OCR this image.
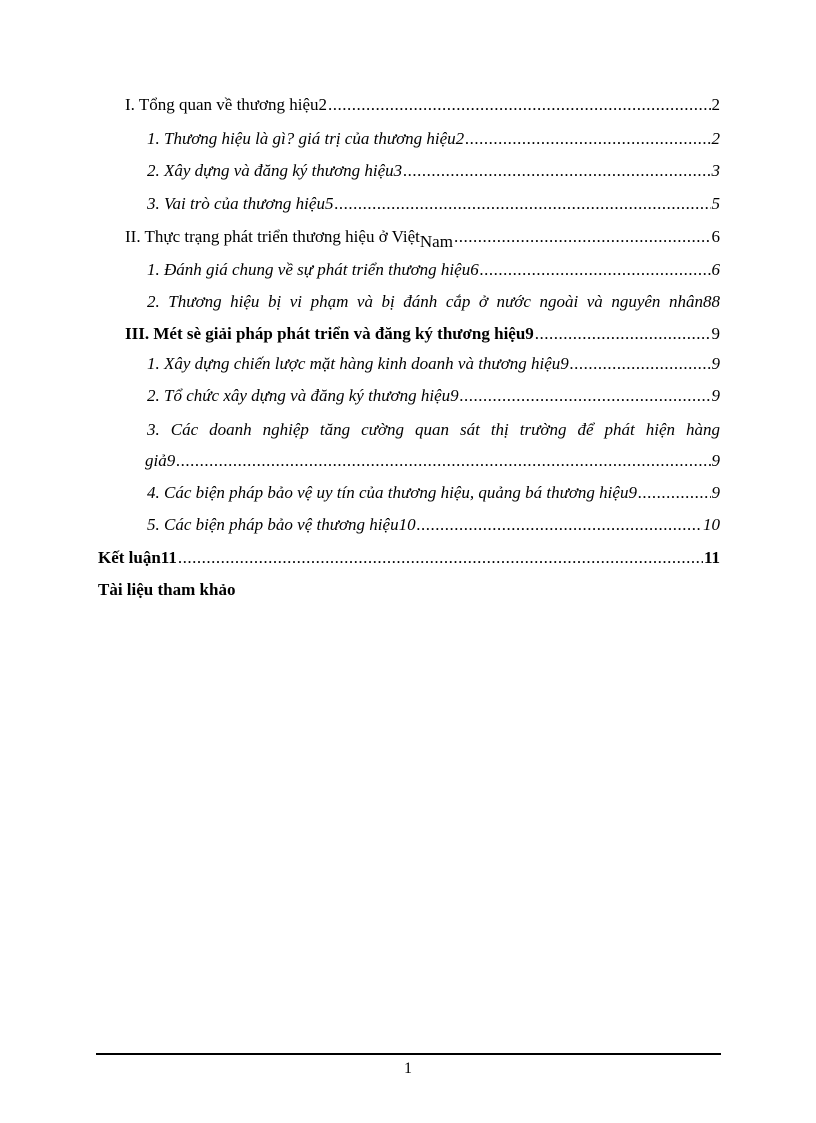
I. Tổng quan về thương hiệu2 .....	2
1. Thương hiệu là gì? giá trị của thương hiệu2 .....	2
2. Xây dựng và đăng ký thương hiệu3 .....	3
3. Vai trò của thương hiệu5 .....	5
II. Thực trạng phát triển thương hiệu ở Việt Nam .....	6
1. Đánh giá chung về sự phát triển thương hiệu6 .....	6
2. Thương hiệu bị vi phạm và bị đánh cắp ở nước ngoài và nguyên nhân88
III. Mét sè giải pháp phát triển và đăng ký thương hiệu9 .....	9
1. Xây dựng chiến lược mặt hàng kinh doanh và thương hiệu9 .....	9
2. Tổ chức xây dựng và đăng ký thương hiệu9 .....	9
3. Các doanh nghiệp tăng cường quan sát thị trường để phát hiện hàng
giả9 .....	9
4. Các biện pháp bảo vệ uy tín của thương hiệu, quảng bá thương hiệu9 .....	9
5. Các biện pháp bảo vệ thương hiệu10 .....	10
Kết luận11 .....	11
Tài liệu tham khảo
1
